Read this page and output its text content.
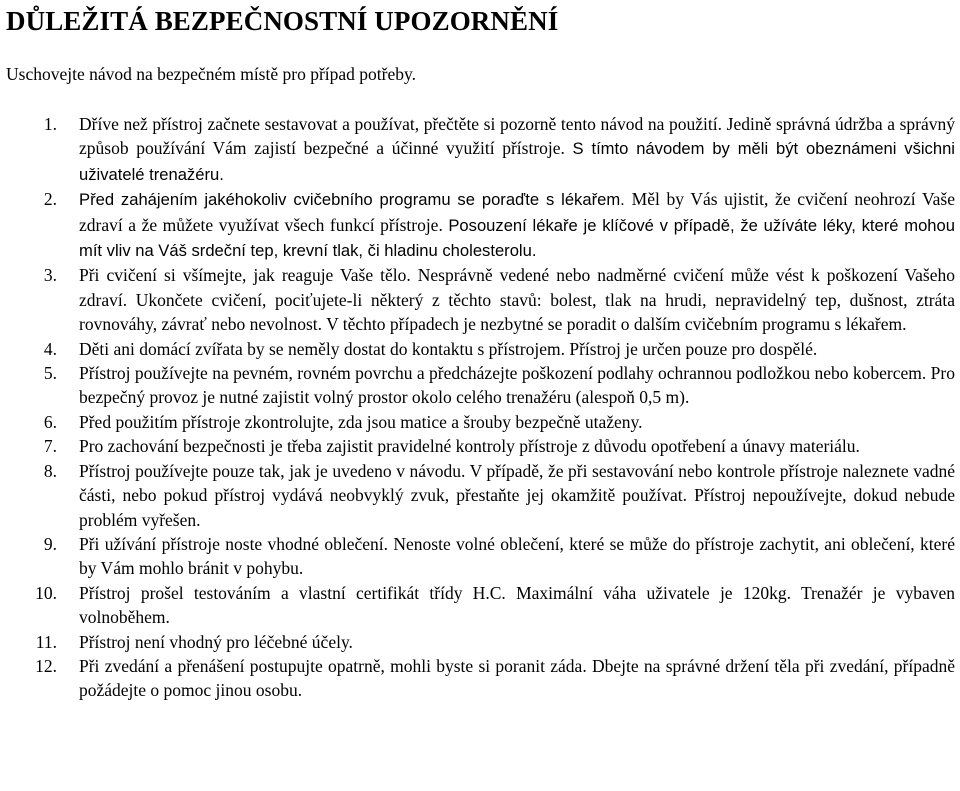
DŮLEŽITÁ BEZPEČNOSTNÍ UPOZORNĚNÍ

Uschovejte návod na bezpečném místě pro případ potřeby.

1. Dříve než přístroj začnete sestavovat a používat, přečtěte si pozorně tento návod na použití. Jedině správná údržba a správný způsob používání Vám zajistí bezpečné a účinné využití přístroje. S tímto návodem by měli být obeznámeni všichni uživatelé trenažéru.
2. Před zahájením jakéhokoliv cvičebního programu se poraďte s lékařem. Měl by Vás ujistit, že cvičení neohrozí Vaše zdraví a že můžete využívat všech funkcí přístroje. Posouzení lékaře je klíčové v případě, že užíváte léky, které mohou mít vliv na Váš srdeční tep, krevní tlak, či hladinu cholesterolu.
3. Při cvičení si všímejte, jak reaguje Vaše tělo. Nesprávně vedené nebo nadměrné cvičení může vést k poškození Vašeho zdraví. Ukončete cvičení, pociťujete-li některý z těchto stavů: bolest, tlak na hrudi, nepravidelný tep, dušnost, ztráta rovnováhy, závrať nebo nevolnost. V těchto případech je nezbytné se poradit o dalším cvičebním programu s lékařem.
4. Děti ani domácí zvířata by se neměly dostat do kontaktu s přístrojem. Přístroj je určen pouze pro dospělé.
5. Přístroj používejte na pevném, rovném povrchu a předcházejte poškození podlahy ochrannou podložkou nebo kobercem. Pro bezpečný provoz je nutné zajistit volný prostor okolo celého trenažéru (alespoň 0,5 m).
6. Před použitím přístroje zkontrolujte, zda jsou matice a šrouby bezpečně utaženy.
7. Pro zachování bezpečnosti je třeba zajistit pravidelné kontroly přístroje z důvodu opotřebení a únavy materiálu.
8. Přístroj používejte pouze tak, jak je uvedeno v návodu. V případě, že při sestavování nebo kontrole přístroje naleznete vadné části, nebo pokud přístroj vydává neobvyklý zvuk, přestaňte jej okamžitě používat. Přístroj nepoužívejte, dokud nebude problém vyřešen.
9. Při užívání přístroje noste vhodné oblečení. Nenoste volné oblečení, které se může do přístroje zachytit, ani oblečení, které by Vám mohlo bránit v pohybu.
10. Přístroj prošel testováním a vlastní certifikát třídy H.C. Maximální váha uživatele je 120kg. Trenažér je vybaven volnoběhem.
11. Přístroj není vhodný pro léčebné účely.
12. Při zvedání a přenášení postupujte opatrně, mohli byste si poranit záda. Dbejte na správné držení těla při zvedání, případně požádejte o pomoc jinou osobu.
